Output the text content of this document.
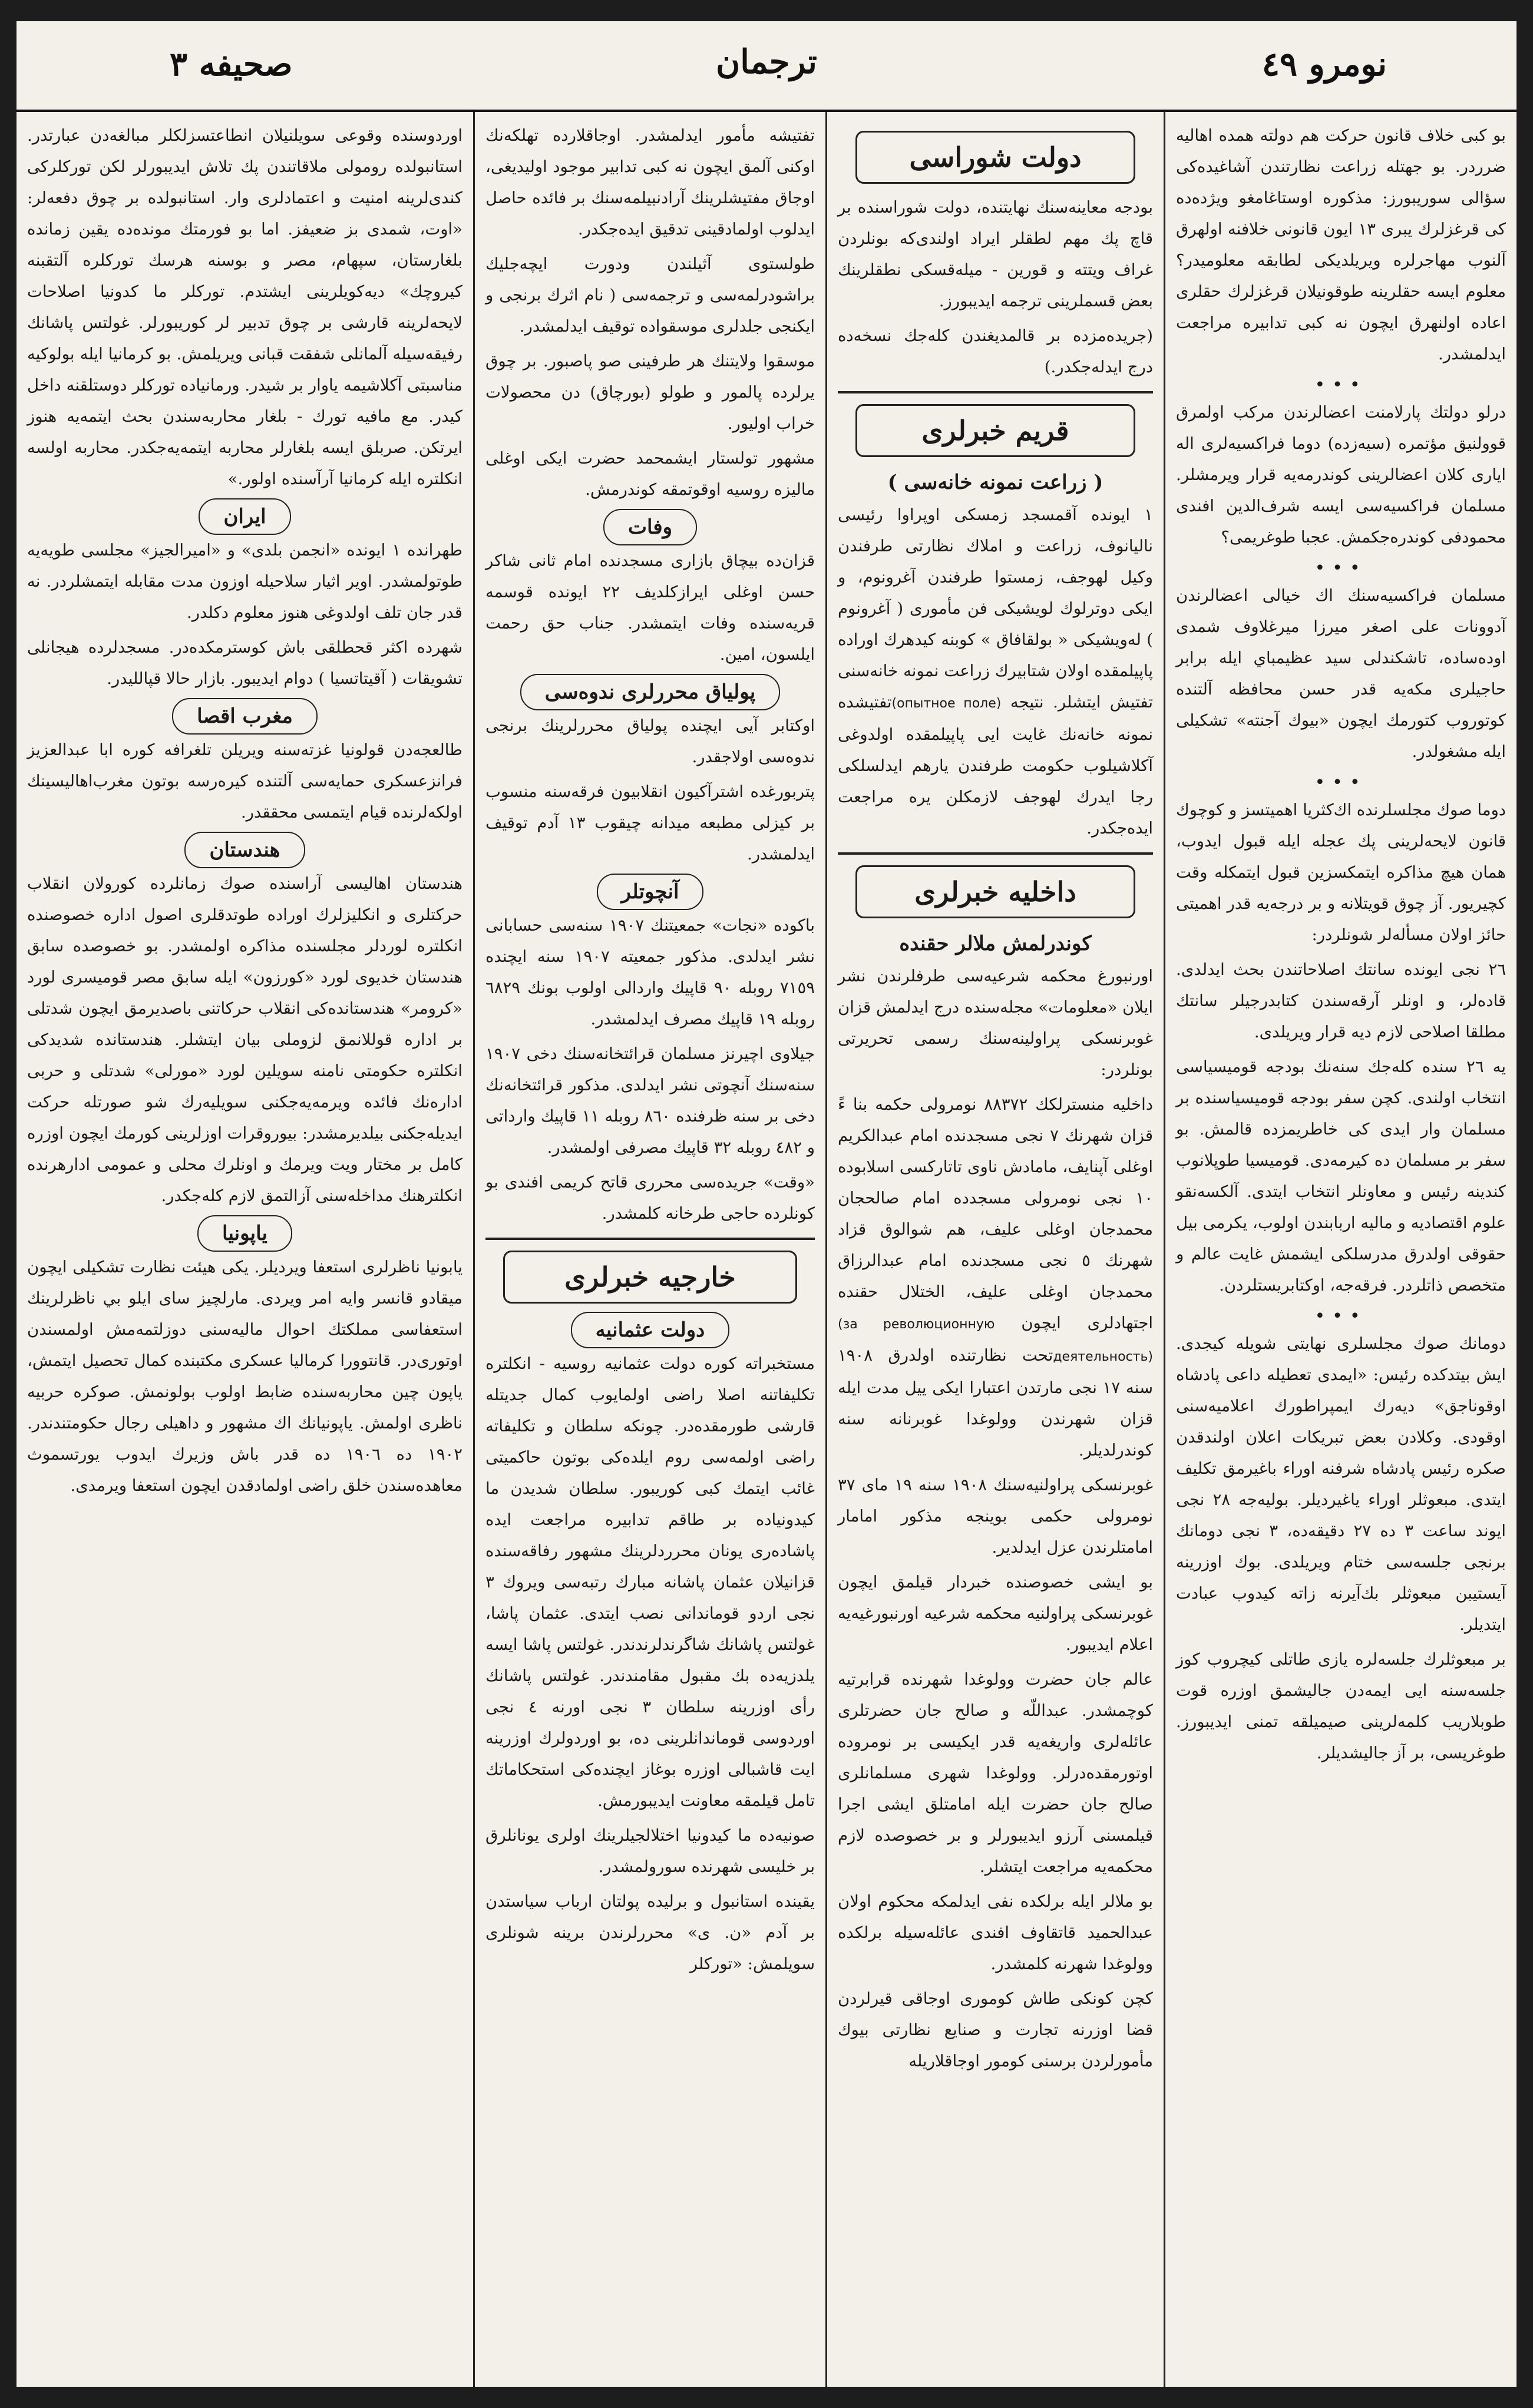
صحيفه ٣	ترجمان	نومرو ٤٩

بو كبى خلاف قانون حركت هم دولته همده اهاليه ضرردر. بو جهتله زراعت نظارتندن آشاغيده‌كى سؤالى سوريبورز: مذكوره اوستاغامغو ويژده‌ده كى قرغزلرك يبرى ١٣ ايون قانونى خلافنه اولهرق آلنوب مهاجرلره ويريلديكى لطابقه معلوميدر؟ معلوم ايسه حقلرينه طوقونيلان قرغزلرك حقلرى اعاده اولنهرق ايچون نه كبى تدابيره مراجعت ايدلمشدر.

•••

درلو دولتك پارلامنت اعضالرندن مركب اولمرق قوولنيق مؤتمره (سيه‌زده) دوما فراكسيه‌لرى اله ايارى كلان اعضالرينى كوندرمه‌يه قرار ويرمشلر. مسلمان فراكسيه‌سى ايسه شرف‌الدين افندى محمودفى كوندره‌جكمش. عجبا طوغريمى؟

•••

مسلمان فراكسيه‌سنك اك خيالى اعضالرندن آدوونات على اصغر ميرزا ميرغلاوف شمدى اوده‌ساده، تاشكندلى سيد عظيمباي ايله برابر حاجيلرى مكه‌يه قدر حسن محافظه آلتنده كوتوروب كتورمك ايچون «بيوك آجنته» تشكيلى ايله مشغولدر.

•••

دوما صوك مجلسلرنده اك‌كثريا اهميتسز و كوچوك قانون لايحه‌لرينى پك عجله ايله قبول ايدوب، همان هيچ مذاكره ايتمكسزين قبول ايتمكله وقت كچيريور. آز چوق قويتلانه و بر درجه‌يه قدر اهميتى حائز اولان مسأله‌لر شونلردر:

٢٦ نجى ايونده سانتك اصلاحاتندن بحث ايدلدى. قاده‌لر، و اونلر آرقه‌سندن كتابدرجيلر سانتك مطلقا اصلاحى لازم ديه قرار ويريلدى.

يه ٢٦ سنده كله‌جك سنه‌نك بودجه قوميسياسى انتخاب اولندى. كچن سفر بودجه قوميسياسنده بر مسلمان وار ايدى كى خاطريمزده قالمش. بو سفر بر مسلمان ده كيرمه‌دى. قوميسيا طوپلانوب كندينه رئيس و معاونلر انتخاب ايتدى. آلكسه‌نقو علوم اقتصاديه و ماليه اربابندن اولوب، يكرمى بيل حقوقى اولدرق مدرسلكى ايشمش غايت عالم و متخصص ذاتلردر. فرقه‌جه، اوكتابريستلردن.

•••

دومانك صوك مجلسلرى نهايتى شويله كيجدى. ايش بيتدكده رئيس: «ايمدى تعطيله داعى پادشاه اوقوناجق» ديه‌رك ايمپراطورك اعلاميه‌سنى اوقودى. وكلادن بعض تبريكات اعلان اولندقدن صكره رئيس پادشاه شرفنه اوراء باغيرمق تكليف ايتدى. مبعوثلر اوراء ياغيرديلر. بوليه‌جه ٢٨ نجى ايوند ساعت ٣ ده ٢٧ دقيقه‌ده، ٣ نجى دومانك برنجى جلسه‌سى ختام ويريلدى. بوك اوزرينه آيستيبن مبعوثلر بك‌آيرنه زاته كيدوب عبادت ايتديلر.

بر مبعوثلرك جلسه‌لره يازى طاتلى كيچروب كوز جلسه‌سنه ايى ايمه‌دن جاليشمق اوزره قوت طوبلاريب كلمه‌لرينى صيميلقه تمنى ايديبورز. طوغريسى، بر آز جاليشديلر.

دولت شوراسى

بودجه معاينه‌سنك نهايتنده، دولت شوراسنده بر قاچ پك مهم لطقلر ايراد اولندى‌كه بونلردن غراف ويتته و قورين - ميله‌قسكى نطقلرينك بعض قسملرينى ترجمه ايديبورز.

(جريده‌مزده بر قالمديغندن كله‌جك نسخه‌ده درج ايدله‌جكدر.)

قريم خبرلرى
( زراعت نمونه خانه‌سى )

١ ايونده آقمسجد زمسكى اوپراوا رئيسى ناليانوف، زراعت و املاك نظارتى طرفندن وكيل لهوجف، زمستوا طرفندن آغرونوم، و ايكى دوترلوك لويشيكى فن مأمورى ( آغرونوم ) له‌ويشيكى « بولقافاق » كوبنه كيدهرك اوراده پاپيلمقده اولان شتابيرك زراعت نمونه خانه‌سنى تفتيش ايتشلر. نتيجه‌ (опытное поле)تفتيشده نمونه خانه‌نك غايت ايى پاپيلمقده اولدوغى آكلاشيلوب حكومت طرفندن يارهم ايدلسلكى رجا ايدرك لهوجف لازمكلن يره مراجعت ايده‌جكدر.

داخليه خبرلرى
كوندرلمش ملالر حقنده

اورنبورغ محكمه شرعيه‌سى طرفلرندن نشر ايلان «معلومات» مجله‌سنده درج ايدلمش قزان غوبرنسكى پراولينه‌سنك رسمى تحريرتى بونلردر:

داخليه منسترلكك ٨٨٣٧٢ نومرولى حكمه بنا ءً قزان شهرنك ٧ نجى مسجدنده امام عبدالكريم اوغلى آپنايف، مامادش ناوى تاتاركسى اسلابوده ١٠ نجى نومرولى مسجدده امام صالحجان محمدجان اوغلى عليف، هم شوالوق قزاد شهرنك ٥ نجى مسجدنده امام عبدالرزاق محمدجان اوغلى عليف، الختلال حقنده اجتهادلرى ايچون (за революционную деятельность)تحت نظارتنده اولدرق ١٩٠٨ سنه ١٧ نجى مارتدن اعتبارا ايكى ييل مدت ايله قزان شهرندن وولوغدا غوبرنانه سنه كوندرلديلر.

غوبرنسكى پراولنيه‌سنك ١٩٠٨ سنه ١٩ ماى ٣٧ نومرولى حكمى بوينجه مذكور امامار امامتلرندن عزل ايدلدير.

بو ايشى خصوصنده خبردار قيلمق ايچون غوبرنسكى پراولنيه محكمه شرعيه اورنبورغيه‌يه اعلام ايديبور.

عالم جان حضرت وولوغدا شهرنده قرابرتيه كوچمشدر. عبداللّه و صالح جان حضرتلرى عائله‌لرى واريغه‌يه قدر ايكيسى بر نومروده اوتورمقده‌درلر. وولوغدا شهرى مسلمانلرى صالح جان حضرت‌ ايله امامتلق ايشى اجرا قيلمسنى آرزو ايديبورلر و بر خصوصده لازم محكمه‌يه مراجعت ايتشلر.

بو ملالر ايله برلكده نفى ايدلمكه محكوم اولان عبدالحميد قاتقاوف افندى عائله‌سيله برلكده وولوغدا شهرنه كلمشدر.

كچن كونكى طاش كومورى اوجاقى قيرلردن قضا اوزرنه تجارت و صنايع نظارتى بيوك مأمورلردن برسنى كومور اوجاقلاريله

تفتيشه مأمور ايدلمشدر. اوجاقلارده تهلكه‌نك اوكنى آلمق ايچون نه كبى تدابير موجود اوليديغى، اوجاق مفتيشلرينك آرادنبيلمه‌سنك بر فائده حاصل ايدلوب اولمادقينى تدقيق ايده‌جكدر.

طولستوى آثيلندن ودورت ايچه‌جليك براشودرلمه‌سى و ترجمه‌سى ( نام اثرك برنجى و ايكنجى جلدلرى موسقواده توقيف ايدلمشدر.

موسقوا ولايتنك هر طرفينى صو پاصبور. بر چوق يرلرده پالمور و طولو (بورچاق) دن محصولات خراب اوليور.

مشهور تولستار ايشمحمد حضرت ايكى اوغلى ماليزه روسيه اوقوتمقه كوندرمش.

وفات

قزان‌ده بيچاق بازارى مسجدنده امام ثانى شاكر حسن اوغلى ايرازكلديف ٢٢ ايونده قوسمه قريه‌سنده وفات ايتمشدر. جناب حق رحمت ايلسون، امين.

پولياق محررلرى ندوه‌سى

اوكتابر آيى ايچنده پولياق محررلرينك برنجى ندوه‌سى اولاجقدر.

پتربورغده اشترآكيون انقلابيون فرقه‌سنه منسوب بر كيزلى مطبعه ميدانه چيقوب ١٣ آدم توقيف ايدلمشدر.

آنچوتلر

باكوده «نجات» جمعيتنك ١٩٠٧ سنه‌سى حسابانى نشر ايدلدى. مذكور جمعيته ١٩٠٧ سنه ايچنده ٧١٥٩ روبله ٩٠ قاپيك واردالى اولوب بونك ٦٨٢٩ روبله ١٩ قاپيك مصرف ايدلمشدر.

جيلاوى اچيرنز مسلمان قرائتخانه‌سنك دخى ١٩٠٧ سنه‌سنك آنچوتى نشر ايدلدى. مذكور قرائتخانه‌نك دخى بر سنه ظرفنده ٨٦٠ روبله ١١ قاپيك وارداتى و ٤٨٢ روبله ٣٢ قاپيك مصرفى اولمشدر.

«وقت» جريده‌سى محررى قاتح كريمى افندى بو كونلرده حاجى طرخانه كلمشدر.

خارجيه خبرلرى
دولت عثمانيه

مستخبراته كوره دولت عثمانيه روسيه - انكلتره تكليفاتنه اصلا راضى اولمايوب كمال جديتله قارشى طورمقده‌در. چونكه سلطان و تكليفاته راضى اولمه‌سى روم ايلده‌كى بوتون حاكميتى غائب ايتمك كبى كوريبور. سلطان شديدن ما كيدونياده بر طاقم تدابيره مراجعت ايده پاشاده‌رى يونان محرردلرينك مشهور رفاقه‌سنده قزانيلان عثمان پاشانه مبارك رتبه‌سى ويروك ٣ نجى اردو قوماندانى نصب ايتدى. عثمان پاشا، غولتس پاشانك شاگرندلرندندر. غولتس پاشا ايسه‌ يلدزيه‌ده بك مقبول مقامندندر. غولتس پاشانك رأى اوزرينه سلطان ٣ نجى اورنه ٤ نجى اوردوسى قوماندانلرينى ده، بو اوردولرك اوزرينه ايت قاشبالى اوزره بوغاز ايچنده‌كى استحكاماتك تامل قيلمقه معاونت ايديبورمش.

صونيه‌ده ما كيدونيا اختلالجيلرينك اولرى يونانلرق بر خليسى شهرنده سورولمشدر.

يقينده استانبول و برليده پولتان ارباب سياستدن بر آدم «ن. ى» محررلرندن برينه شونلرى سويلمش: «توركلر

اوردوسنده وقوعى سويلنيلان انطاعتسزلكلر مبالغه‌دن عبارتدر. استانبولده رومولى ملاقاتندن پك تلاش ايديبورلر لكن توركلركى كندى‌لرينه امنيت و اعتمادلرى وار. استانبولده بر چوق دفعه‌لر: «اوت، شمدى بز ضعيفز. اما بو فورمتك مونده‌ده يقين زمانده بلغارستان، سپهام، مصر و بوسنه هرسك توركلره آلتقبنه كيروچك» ديه‌كويلرينى ايشتدم. توركلر ما كدونيا اصلاحات لايحه‌لرينه قارشى بر چوق تدبير لر كوريبورلر. غولتس پاشانك رفيقه‌سيله آلمانلى شفقت قبانى ويريلمش. بو كرمانيا ايله بولوكيه مناسبتى آكلاشيمه ياوار بر شيدر. ورمانياده توركلر دوستلقنه داخل كيدر. مع مافيه تورك - بلغار محاربه‌سندن بحث ايتمه‌يه هنوز ايرتكن. صربلق ايسه بلغارلر محاربه ايتمه‌يه‌جكدر. محاربه اولسه انكلتره ايله كرمانيا آرآسنده اولور.»

ايران

طهرانده ١ ايونده «انجمن بلدى» و «اميرالجيز» مجلسى طويه‌يه طوتولمشدر. اوير اثيار سلاحيله اوزون مدت مقابله ايتمشلردر. نه قدر جان تلف اولدوغى هنوز معلوم دكلدر.

شهرده اكثر قحطلقى باش كوسترمكده‌در. مسجدلرده هيجانلى تشويقات ( آقيتاتسيا ) دوام ايديبور. بازار حالا قپالليدر.

مغرب اقصا

طالعجه‌دن قولونيا غزته‌سنه ويريلن تلغرافه كوره ابا عبدالعزيز فرانزعسكرى حمايه‌سى آلتنده كيره‌رسه بوتون مغرب‌اهاليسينك اولكه‌لرنده قيام ايتمسى محققدر.

هندستان

هندستان اهاليسى آراسنده صوك زمانلرده كورولان انقلاب حركتلرى و انكليزلرك اوراده طوتدقلرى اصول اداره خصوصنده انكلتره لوردلر مجلسنده مذاكره اولمشدر. بو خصوصده سابق هندستان خديوى لورد «كورزون» ايله سابق مصر قوميسرى لورد «كرومر» هندستانده‌كى انقلاب حركاتنى باصديرمق ايچون شدتلى بر اداره قوللانمق لزوملى بيان ايتشلر. هندستانده شديدكى انكلتره حكومتى نامنه سويلين لورد «مورلى» شدتلى و حربى اداره‌نك فائده ويرمه‌يه‌جكنى سويليه‌رك شو صورتله حركت ايديله‌جكنى بيلديرمشدر: بيوروقرات اوزلرينى كورمك ايچون اوزره كامل بر مختار ويت ويرمك و اونلرك محلى و عمومى ادارهرنده انكلترهنك مداخله‌سنى آزالتمق لازم كله‌جكدر.

ياپونيا

يابونيا ناظرلرى استعفا ويرديلر. يكى هيئت نظارت تشكيلى ايچون ميقادو قانسر وايه امر ويردى. مارلچيز ساى ايلو بي ناظرلرينك استعفاسى مملكتك احوال ماليه‌سنى دوزلتمه‌مش اولمسندن اوتورى‌در. قانتوورا كرماليا عسكرى مكتبنده كمال تحصيل ايتمش، ياپون چين محاربه‌سنده ضابط اولوب بولونمش. صوكره حربيه ناظرى اولمش. ياپونيانك اك مشهور و داهيلى رجال حكومتندندر. ١٩٠٢ ده ١٩٠٦ ده قدر باش وزيرك ايدوب يورتسموث معاهده‌سندن خلق راضى اولمادقدن ايچون استعفا ويرمدى.
